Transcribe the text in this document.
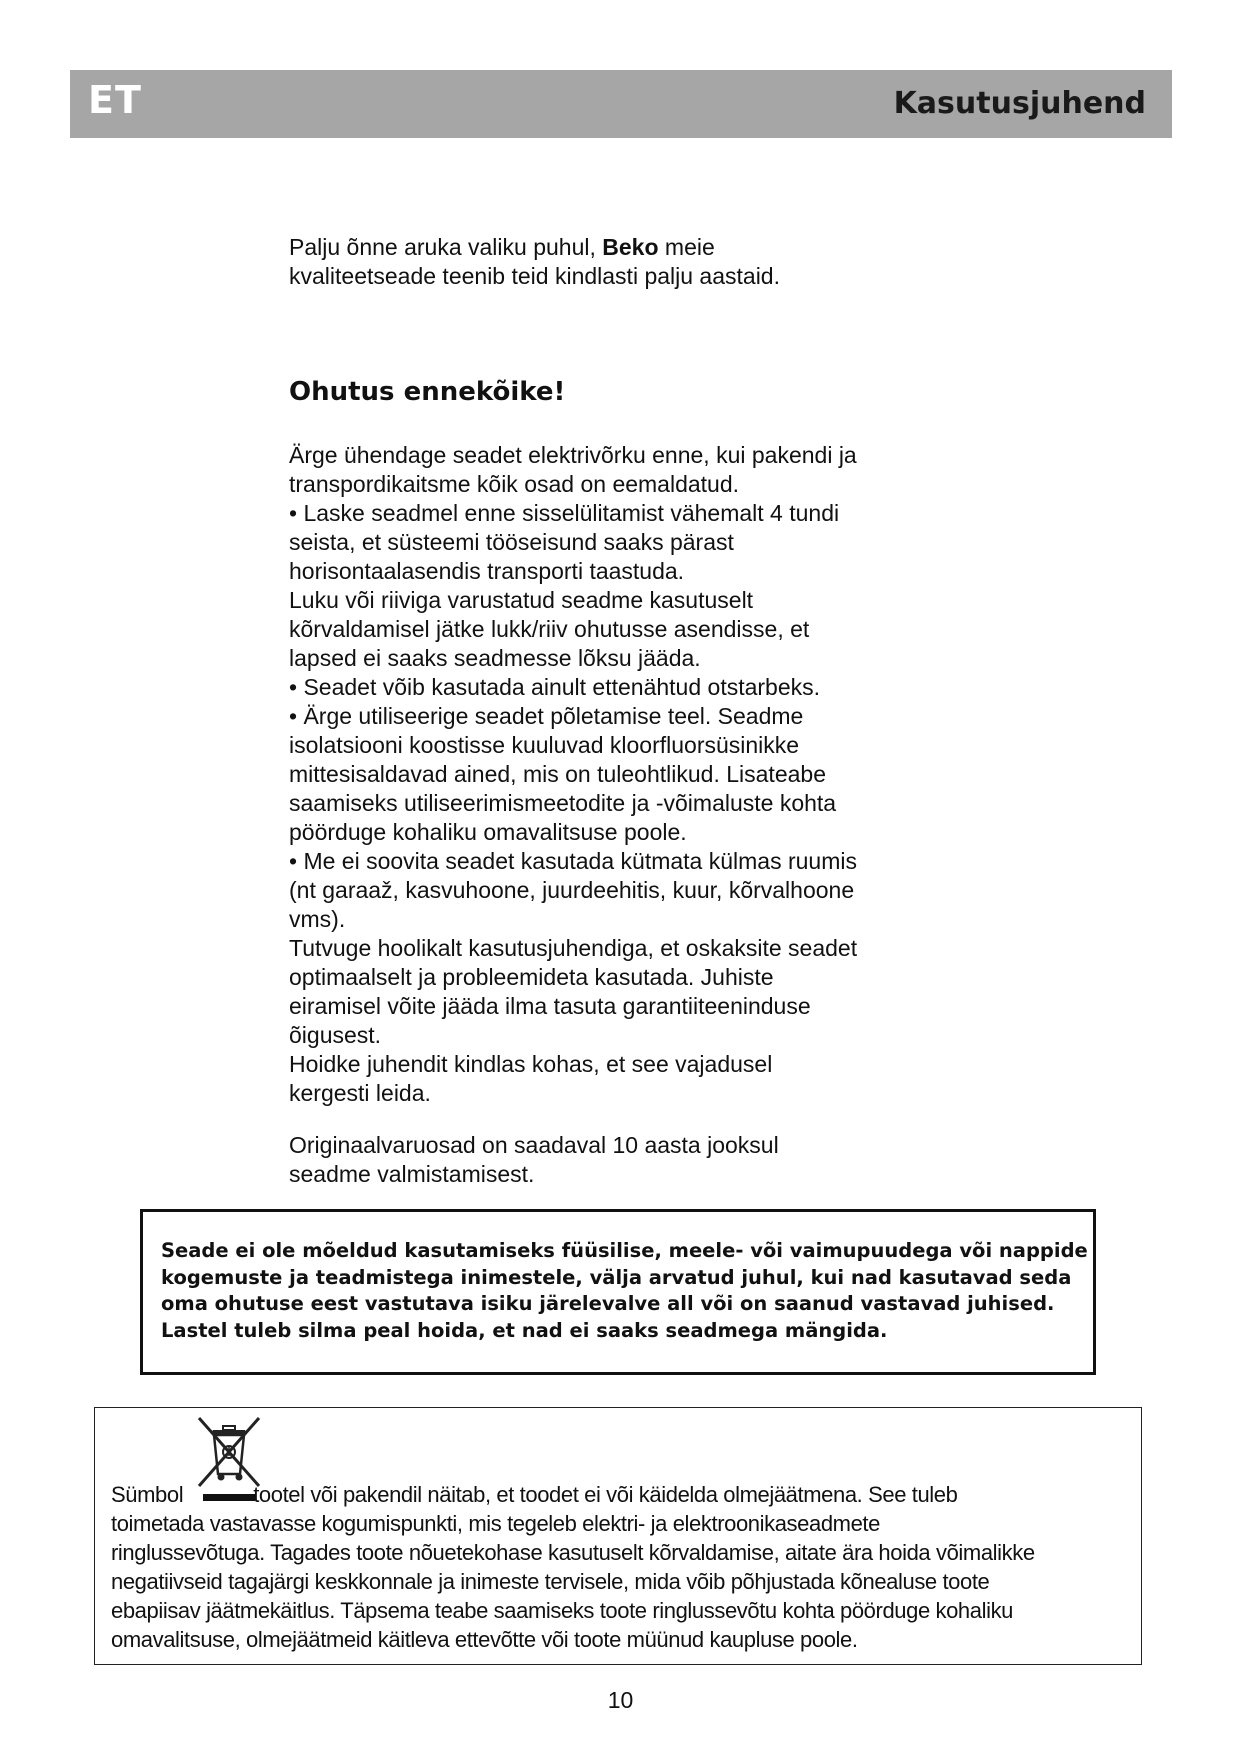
ET	Kasutusjuhend
Palju õnne aruka valiku puhul, Beko meie
kvaliteetseade teenib teid kindlasti palju aastaid.
Ohutus ennekõike!
Ärge ühendage seadet elektrivõrku enne, kui pakendi ja
transpordikaitsme kõik osad on eemaldatud.
• Laske seadmel enne sisselülitamist vähemalt 4 tundi
seista, et süsteemi tööseisund saaks pärast
horisontaalasendis transporti taastuda.
Luku või riiviga varustatud seadme kasutuselt
kõrvaldamisel jätke lukk/riiv ohutusse asendisse, et
lapsed ei saaks seadmesse lõksu jääda.
• Seadet võib kasutada ainult ettenähtud otstarbeks.
• Ärge utiliseerige seadet põletamise teel. Seadme
isolatsiooni koostisse kuuluvad kloorfluorsüsinikke
mittesisaldavad ained, mis on tuleohtlikud. Lisateabe
saamiseks utiliseerimismeetodite ja -võimaluste kohta
pöörduge kohaliku omavalitsuse poole.
• Me ei soovita seadet kasutada kütmata külmas ruumis
(nt garaaž, kasvuhoone, juurdeehitis, kuur, kõrvalhoone
vms).
Tutvuge hoolikalt kasutusjuhendiga, et oskaksite seadet
optimaalselt ja probleemideta kasutada. Juhiste
eiramisel võite jääda ilma tasuta garantiiteeninduse
õigusest.
Hoidke juhendit kindlas kohas, et see vajadusel
kergesti leida.
Originaalvaruosad on saadaval 10 aasta jooksul
seadme valmistamisest.
Seade ei ole mõeldud kasutamiseks füüsilise, meele- või vaimupuudega või nappide
kogemuste ja teadmistega inimestele, välja arvatud juhul, kui nad kasutavad seda
oma ohutuse eest vastutava isiku järelevalve all või on saanud vastavad juhised.
Lastel tuleb silma peal hoida, et nad ei saaks seadmega mängida.
Sümbol	tootel või pakendil näitab, et toodet ei või käidelda olmejäätmena. See tuleb
toimetada vastavasse kogumispunkti, mis tegeleb elektri- ja elektroonikaseadmete
ringlussevõtuga. Tagades toote nõuetekohase kasutuselt kõrvaldamise, aitate ära hoida võimalikke
negatiivseid tagajärgi keskkonnale ja inimeste tervisele, mida võib põhjustada kõnealuse toote
ebapiisav jäätmekäitlus. Täpsema teabe saamiseks toote ringlussevõtu kohta pöörduge kohaliku
omavalitsuse, olmejäätmeid käitleva ettevõtte või toote müünud kaupluse poole.
10
